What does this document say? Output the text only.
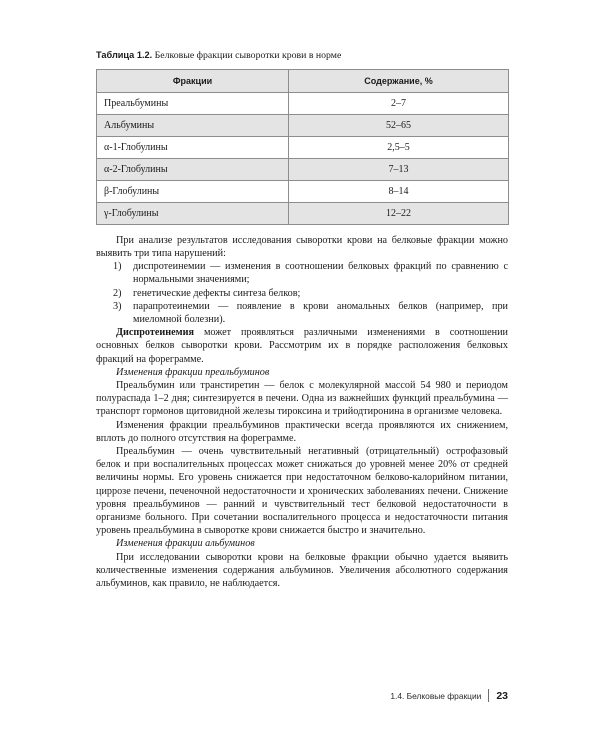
Таблица 1.2. Белковые фракции сыворотки крови в норме

Фракции	Содержание, %
Преальбумины	2–7
Альбумины	52–65
α-1-Глобулины	2,5–5
α-2-Глобулины	7–13
β-Глобулины	8–14
γ-Глобулины	12–22

При анализе результатов исследования сыворотки крови на белковые фракции можно выявить три типа нарушений:

1)	диспротеинемии — изменения в соотношении белковых фракций по сравнению с нормальными значениями;
2)	генетические дефекты синтеза белков;
3)	парапротеинемии — появление в крови аномальных белков (например, при миеломной болезни).

Диспротеинемия может проявляться различными изменениями в соотношении основных белков сыворотки крови. Рассмотрим их в порядке расположения белковых фракций на фореграмме.

Изменения фракции преальбуминов

Преальбумин или транстиретин — белок с молекулярной массой 54 980 и периодом полураспада 1–2 дня; синтезируется в печени. Одна из важнейших функций преальбумина — транспорт гормонов щитовидной железы тироксина и трийодтиронина в организме человека.

Изменения фракции преальбуминов практически всегда проявляются их снижением, вплоть до полного отсутствия на фореграмме.

Преальбумин — очень чувствительный негативный (отрицательный) острофазовый белок и при воспалительных процессах может снижаться до уровней менее 20% от средней величины нормы. Его уровень снижается при недостаточном белково-калорийном питании, циррозе печени, печеночной недостаточности и хронических заболеваниях печени. Снижение уровня преальбуминов — ранний и чувствительный тест белковой недостаточности в организме больного. При сочетании воспалительного процесса и недостаточности питания уровень преальбумина в сыворотке крови снижается быстро и значительно.

Изменения фракции альбуминов

При исследовании сыворотки крови на белковые фракции обычно удается выявить количественные изменения содержания альбуминов. Увеличения абсолютного содержания альбуминов, как правило, не наблюдается.

1.4. Белковые фракции 23
